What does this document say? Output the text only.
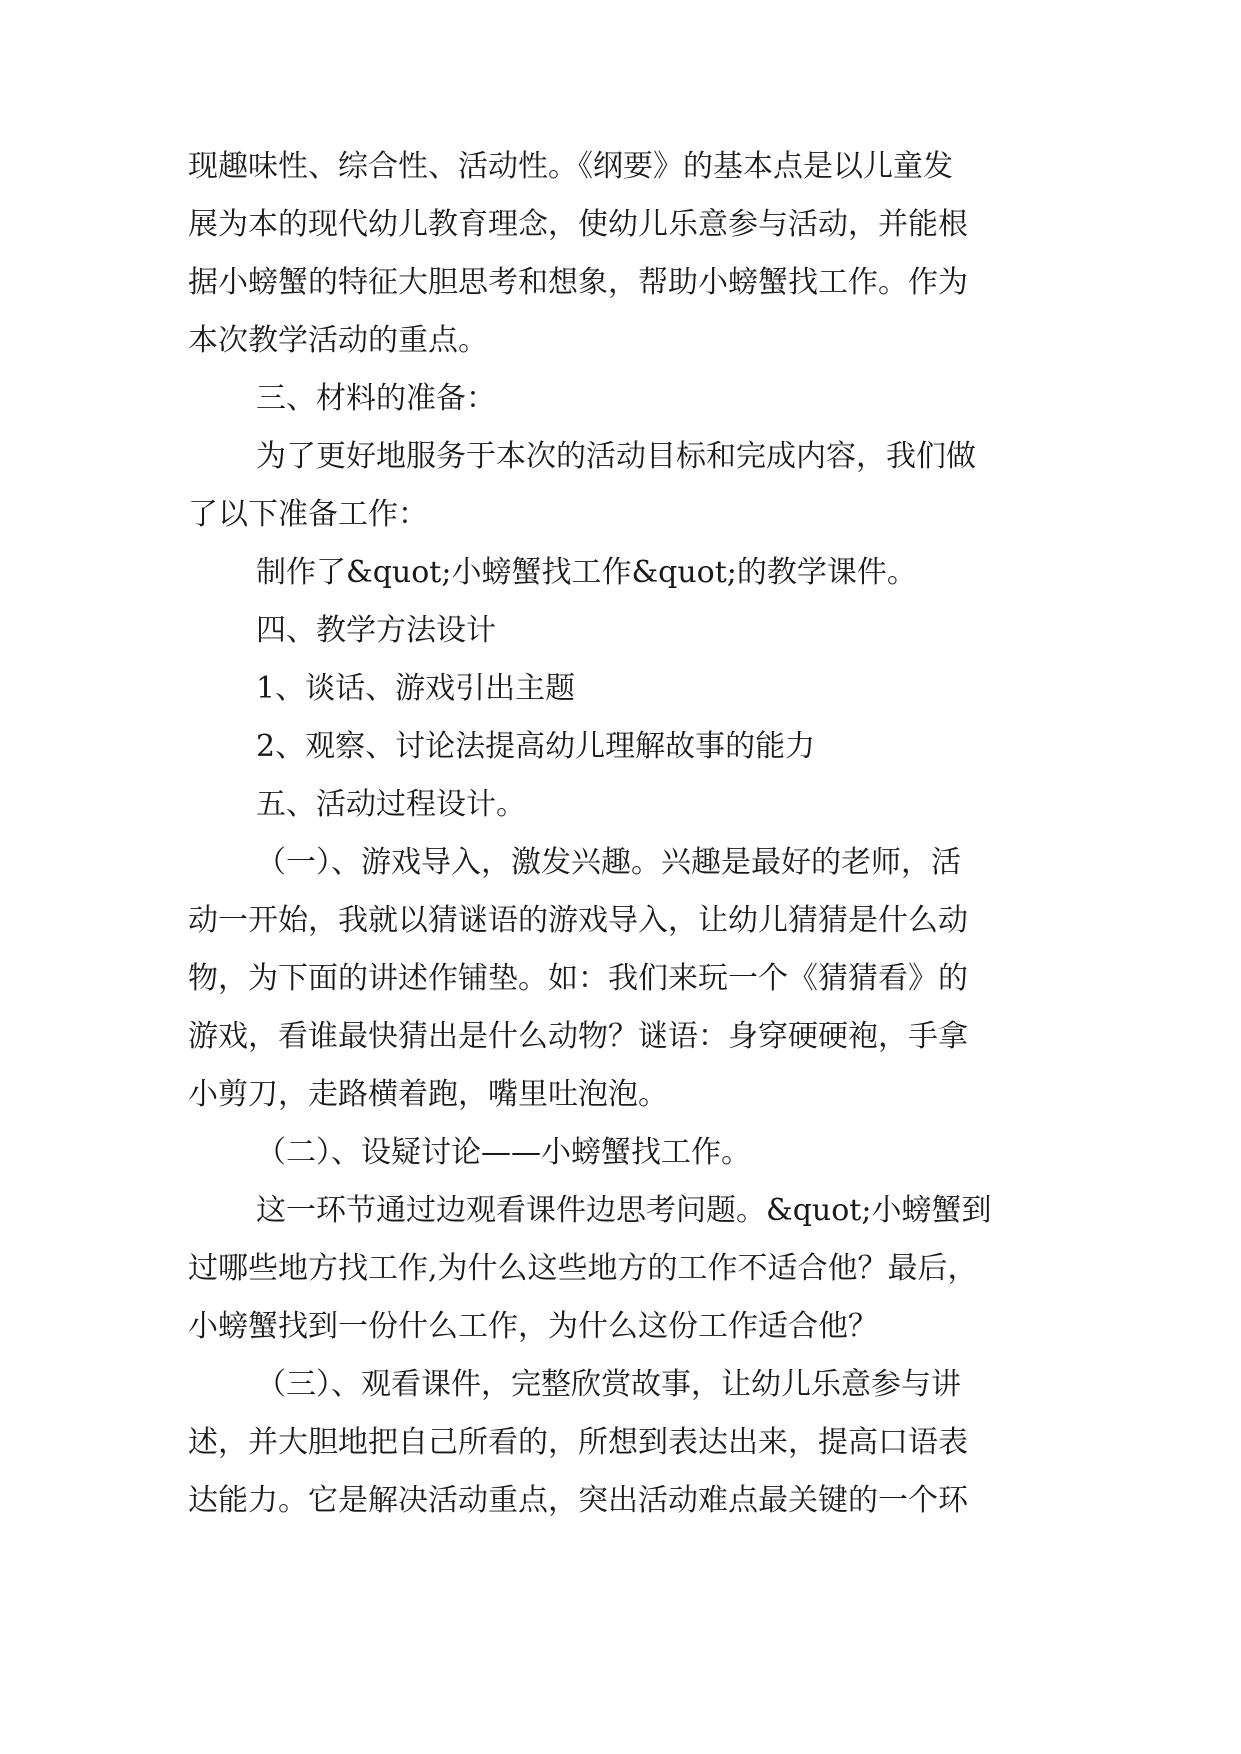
现趣味性、综合性、活动性。《纲要》的基本点是以儿童发
展为本的现代幼儿教育理念，使幼儿乐意参与活动，并能根
据小螃蟹的特征大胆思考和想象，帮助小螃蟹找工作。作为
本次教学活动的重点。
三、材料的准备：
为了更好地服务于本次的活动目标和完成内容，我们做
了以下准备工作：
制作了&quot;小螃蟹找工作&quot;的教学课件。
四、教学方法设计
1、谈话、游戏引出主题
2、观察、讨论法提高幼儿理解故事的能力
五、活动过程设计。
（一）、游戏导入，激发兴趣。兴趣是最好的老师，活
动一开始，我就以猜谜语的游戏导入，让幼儿猜猜是什么动
物，为下面的讲述作铺垫。如：我们来玩一个《猜猜看》的
游戏，看谁最快猜出是什么动物？谜语：身穿硬硬袍，手拿
小剪刀，走路横着跑，嘴里吐泡泡。
（二）、设疑讨论——小螃蟹找工作。
这一环节通过边观看课件边思考问题。&quot;小螃蟹到
过哪些地方找工作,为什么这些地方的工作不适合他？最后，
小螃蟹找到一份什么工作，为什么这份工作适合他？
（三）、观看课件，完整欣赏故事，让幼儿乐意参与讲
述，并大胆地把自己所看的，所想到表达出来，提高口语表
达能力。它是解决活动重点，突出活动难点最关键的一个环
